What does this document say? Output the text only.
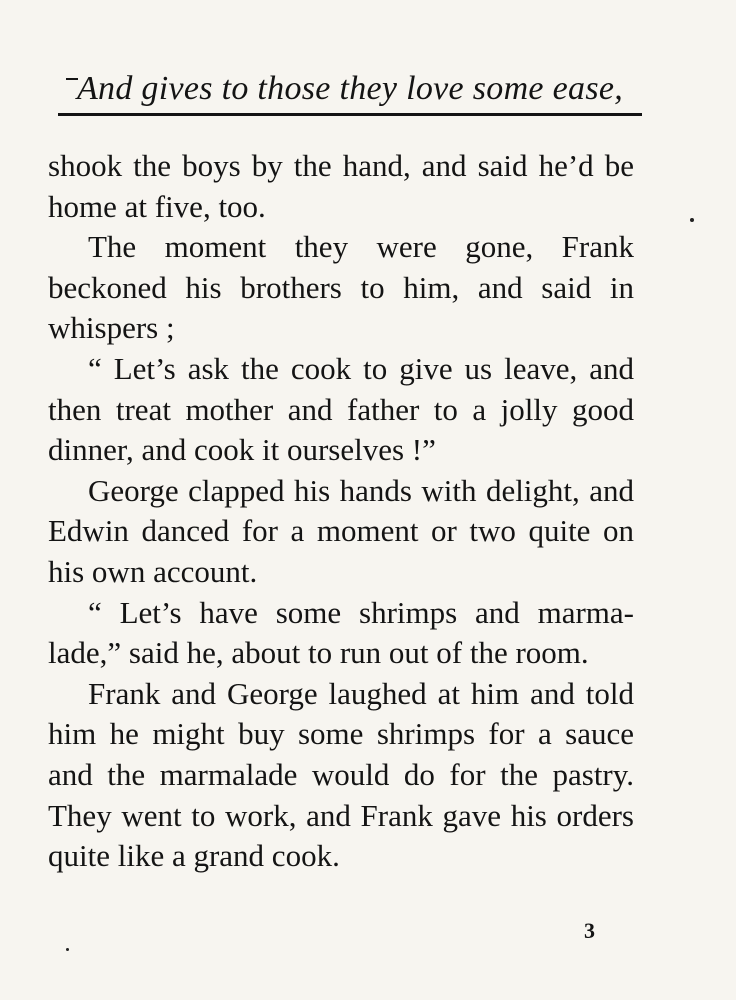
And gives to those they love some ease,

shook the boys by the hand, and said he’d be home at five, too.

The moment they were gone, Frank beckoned his brothers to him, and said in whispers ;

“ Let’s ask the cook to give us leave, and then treat mother and father to a jolly good dinner, and cook it ourselves !”

George clapped his hands with delight, and Edwin danced for a moment or two quite on his own account.

“ Let’s have some shrimps and marma-lade,” said he, about to run out of the room.

Frank and George laughed at him and told him he might buy some shrimps for a sauce and the marmalade would do for the pastry. They went to work, and Frank gave his orders quite like a grand cook.

3
